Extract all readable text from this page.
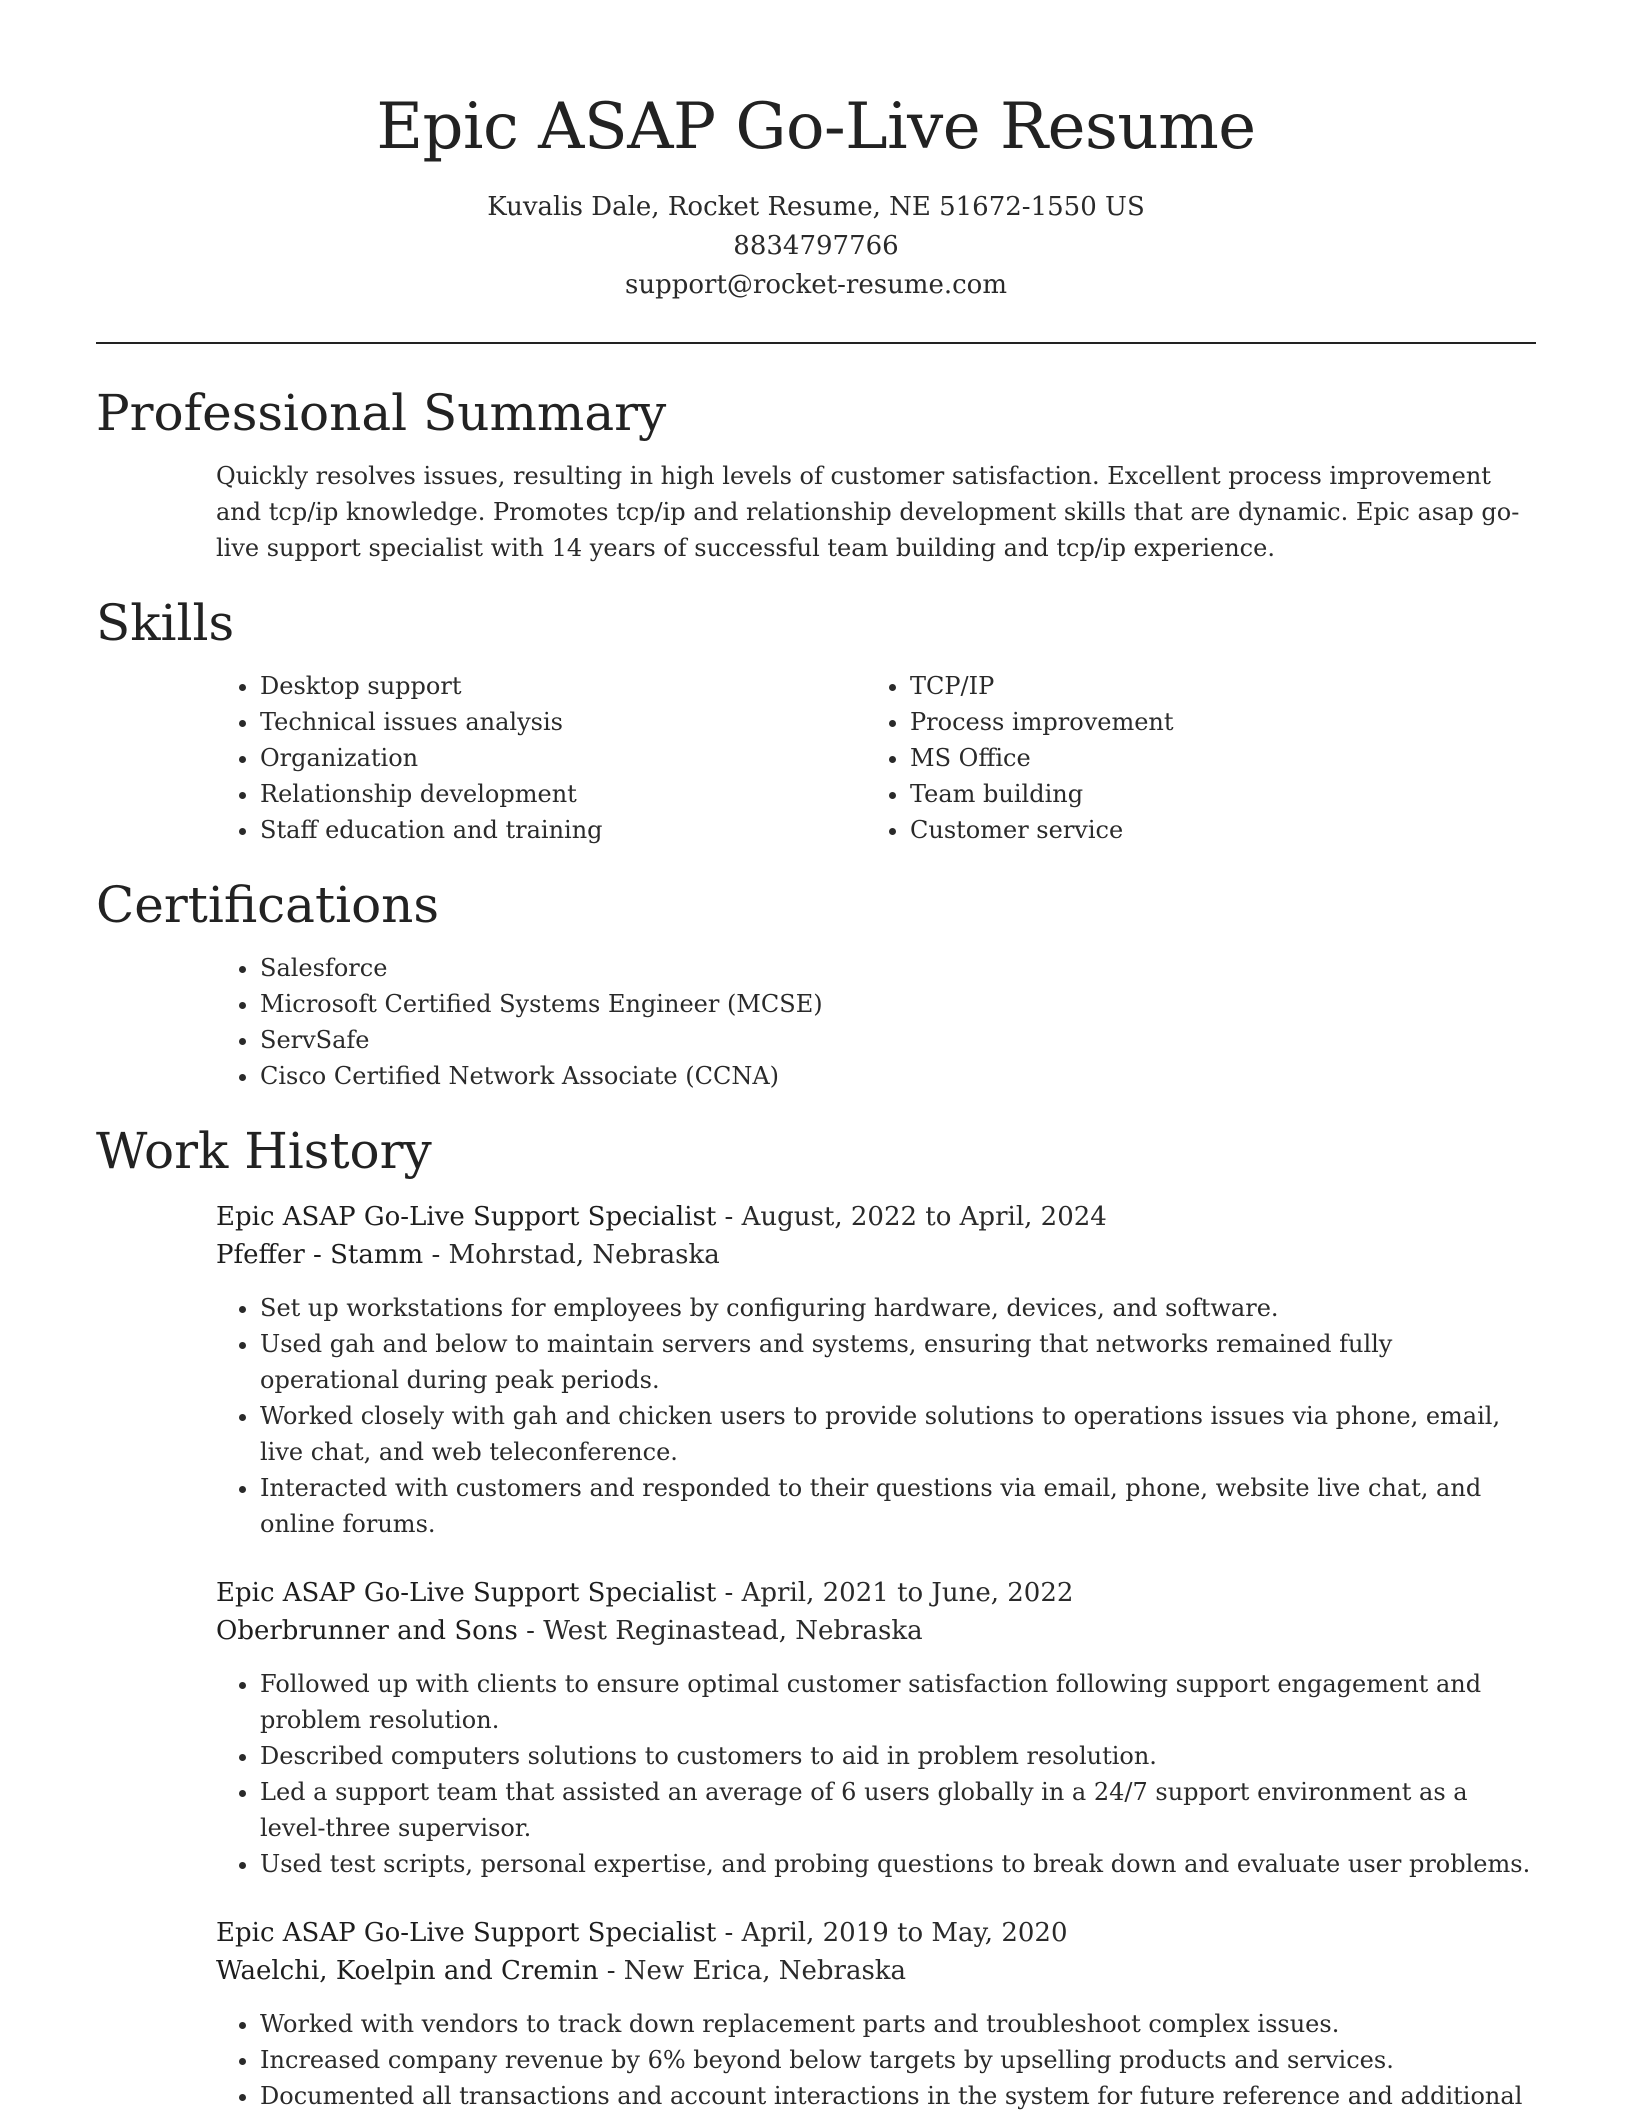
Epic ASAP Go-Live Resume
Kuvalis Dale, Rocket Resume, NE 51672-1550 US
8834797766
support@rocket-resume.com
Professional Summary
Quickly resolves issues, resulting in high levels of customer satisfaction. Excellent process improvement and tcp/ip knowledge. Promotes tcp/ip and relationship development skills that are dynamic. Epic asap go-live support specialist with 14 years of successful team building and tcp/ip experience.
Skills
• Desktop support
• Technical issues analysis
• Organization
• Relationship development
• Staff education and training
• TCP/IP
• Process improvement
• MS Office
• Team building
• Customer service
Certifications
• Salesforce
• Microsoft Certified Systems Engineer (MCSE)
• ServSafe
• Cisco Certified Network Associate (CCNA)
Work History
Epic ASAP Go-Live Support Specialist - August, 2022 to April, 2024
Pfeffer - Stamm - Mohrstad, Nebraska
• Set up workstations for employees by configuring hardware, devices, and software.
• Used gah and below to maintain servers and systems, ensuring that networks remained fully operational during peak periods.
• Worked closely with gah and chicken users to provide solutions to operations issues via phone, email, live chat, and web teleconference.
• Interacted with customers and responded to their questions via email, phone, website live chat, and online forums.
Epic ASAP Go-Live Support Specialist - April, 2021 to June, 2022
Oberbrunner and Sons - West Reginastead, Nebraska
• Followed up with clients to ensure optimal customer satisfaction following support engagement and problem resolution.
• Described computers solutions to customers to aid in problem resolution.
• Led a support team that assisted an average of 6 users globally in a 24/7 support environment as a level-three supervisor.
• Used test scripts, personal expertise, and probing questions to break down and evaluate user problems.
Epic ASAP Go-Live Support Specialist - April, 2019 to May, 2020
Waelchi, Koelpin and Cremin - New Erica, Nebraska
• Worked with vendors to track down replacement parts and troubleshoot complex issues.
• Increased company revenue by 6% beyond below targets by upselling products and services.
• Documented all transactions and account interactions in the system for future reference and additional
